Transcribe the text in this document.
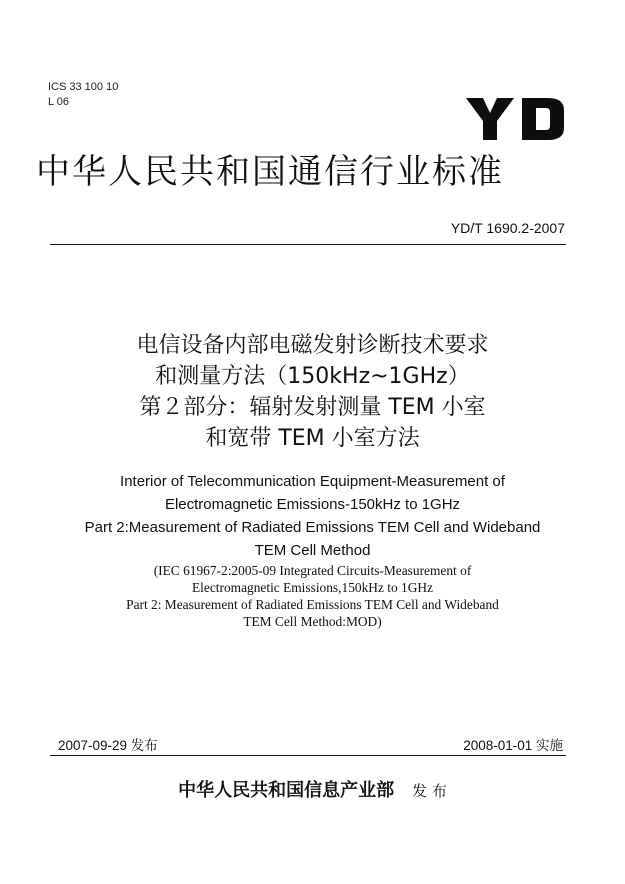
ICS 33 100 10
L 06
中华人民共和国通信行业标准
YD/T 1690.2-2007
电信设备内部电磁发射诊断技术要求
和测量方法（150kHz~1GHz）
第２部分：辐射发射测量 TEM 小室
和宽带 TEM 小室方法
Interior of Telecommunication Equipment-Measurement of
Electromagnetic Emissions-150kHz to 1GHz
Part 2:Measurement of Radiated Emissions TEM Cell and Wideband
TEM Cell Method
(IEC 61967-2:2005-09 Integrated Circuits-Measurement of
Electromagnetic Emissions,150kHz to 1GHz
Part 2: Measurement of Radiated Emissions TEM Cell and Wideband
TEM Cell Method:MOD)
2007-09-29 发布	2008-01-01 实施
中华人民共和国信息产业部 发 布
